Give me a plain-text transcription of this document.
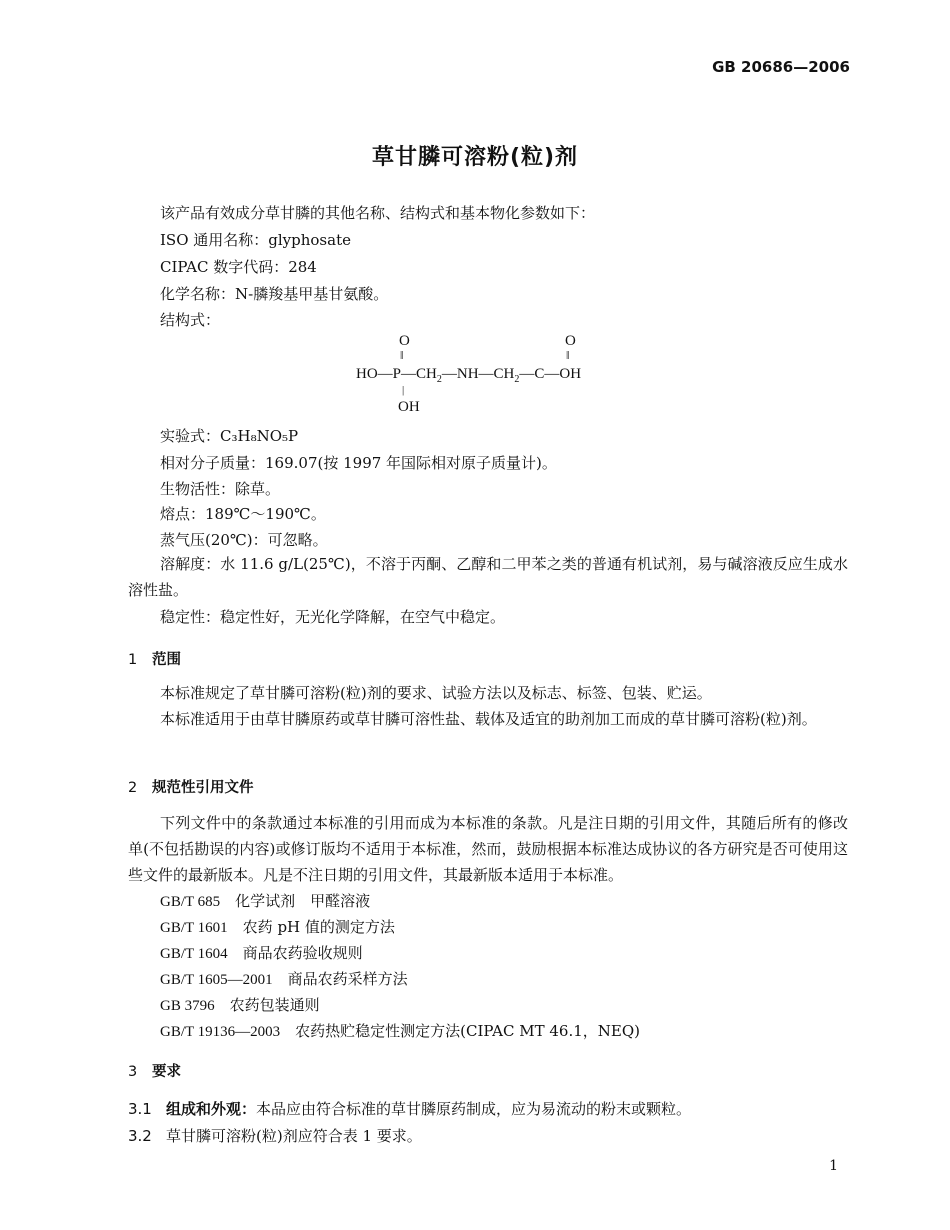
GB 20686—2006
草甘膦可溶粉(粒)剂
该产品有效成分草甘膦的其他名称、结构式和基本物化参数如下：
ISO 通用名称：glyphosate
CIPAC 数字代码：284
化学名称：N-膦羧基甲基甘氨酸。
结构式：
O	O
‖	‖
$HO—P—CH_2—NH—CH_2—C—OH$
|
OH
实验式：C₃H₈NO₅P
相对分子质量：169.07(按 1997 年国际相对原子质量计)。
生物活性：除草。
熔点：189℃～190℃。
蒸气压(20℃)：可忽略。
溶解度：水 11.6 g/L(25℃)，不溶于丙酮、乙醇和二甲苯之类的普通有机试剂，易与碱溶液反应生成水溶性盐。
稳定性：稳定性好，无光化学降解，在空气中稳定。
1 范围
本标准规定了草甘膦可溶粉(粒)剂的要求、试验方法以及标志、标签、包装、贮运。
本标准适用于由草甘膦原药或草甘膦可溶性盐、载体及适宜的助剂加工而成的草甘膦可溶粉(粒)剂。
2 规范性引用文件
下列文件中的条款通过本标准的引用而成为本标准的条款。凡是注日期的引用文件，其随后所有的修改单(不包括勘误的内容)或修订版均不适用于本标准，然而，鼓励根据本标准达成协议的各方研究是否可使用这些文件的最新版本。凡是不注日期的引用文件，其最新版本适用于本标准。
GB/T 685　 化学试剂　甲醛溶液
GB/T 1601　 农药 pH 值的测定方法
GB/T 1604　 商品农药验收规则
GB/T 1605—2001　 商品农药采样方法
GB 3796　 农药包装通则
GB/T 19136—2003　 农药热贮稳定性测定方法(CIPAC MT 46.1，NEQ)
3 要求
3.1 组成和外观：本品应由符合标准的草甘膦原药制成，应为易流动的粉末或颗粒。
3.2 草甘膦可溶粉(粒)剂应符合表 1 要求。
1
